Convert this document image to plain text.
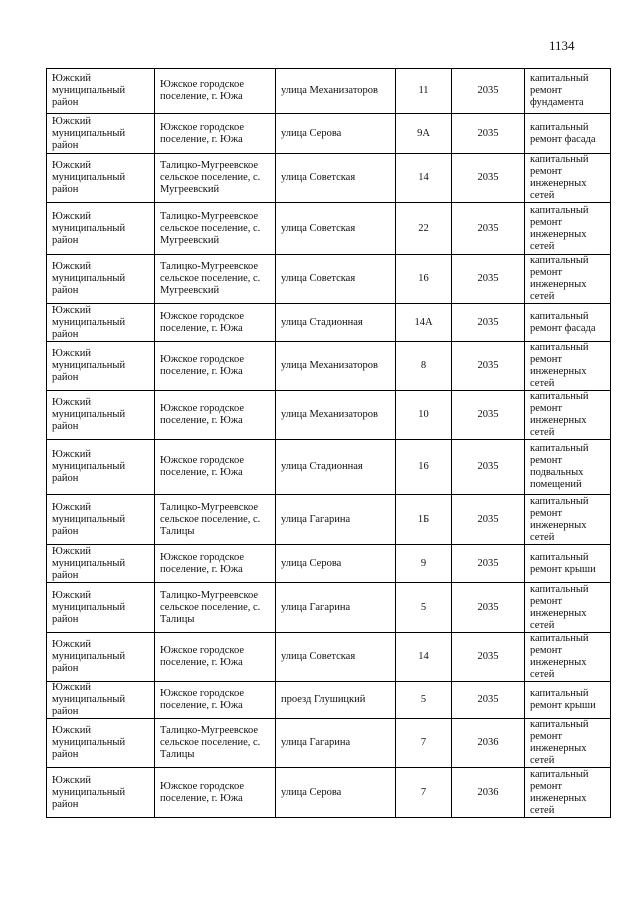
1134
Южский муниципальный район	Южское городское поселение, г. Южа	улица Механизаторов	11	2035	капитальный ремонт фундамента
Южский муниципальный район	Южское городское поселение, г. Южа	улица Серова	9А	2035	капитальный ремонт фасада
Южский муниципальный район	Талицко-Мугреевское сельское поселение, с. Мугреевский	улица Советская	14	2035	капитальный ремонт инженерных сетей
Южский муниципальный район	Талицко-Мугреевское сельское поселение, с. Мугреевский	улица Советская	22	2035	капитальный ремонт инженерных сетей
Южский муниципальный район	Талицко-Мугреевское сельское поселение, с. Мугреевский	улица Советская	16	2035	капитальный ремонт инженерных сетей
Южский муниципальный район	Южское городское поселение, г. Южа	улица Стадионная	14А	2035	капитальный ремонт фасада
Южский муниципальный район	Южское городское поселение, г. Южа	улица Механизаторов	8	2035	капитальный ремонт инженерных сетей
Южский муниципальный район	Южское городское поселение, г. Южа	улица Механизаторов	10	2035	капитальный ремонт инженерных сетей
Южский муниципальный район	Южское городское поселение, г. Южа	улица Стадионная	16	2035	капитальный ремонт подвальных помещений
Южский муниципальный район	Талицко-Мугреевское сельское поселение, с. Талицы	улица Гагарина	1Б	2035	капитальный ремонт инженерных сетей
Южский муниципальный район	Южское городское поселение, г. Южа	улица Серова	9	2035	капитальный ремонт крыши
Южский муниципальный район	Талицко-Мугреевское сельское поселение, с. Талицы	улица Гагарина	5	2035	капитальный ремонт инженерных сетей
Южский муниципальный район	Южское городское поселение, г. Южа	улица Советская	14	2035	капитальный ремонт инженерных сетей
Южский муниципальный район	Южское городское поселение, г. Южа	проезд Глушицкий	5	2035	капитальный ремонт крыши
Южский муниципальный район	Талицко-Мугреевское сельское поселение, с. Талицы	улица Гагарина	7	2036	капитальный ремонт инженерных сетей
Южский муниципальный район	Южское городское поселение, г. Южа	улица Серова	7	2036	капитальный ремонт инженерных сетей
